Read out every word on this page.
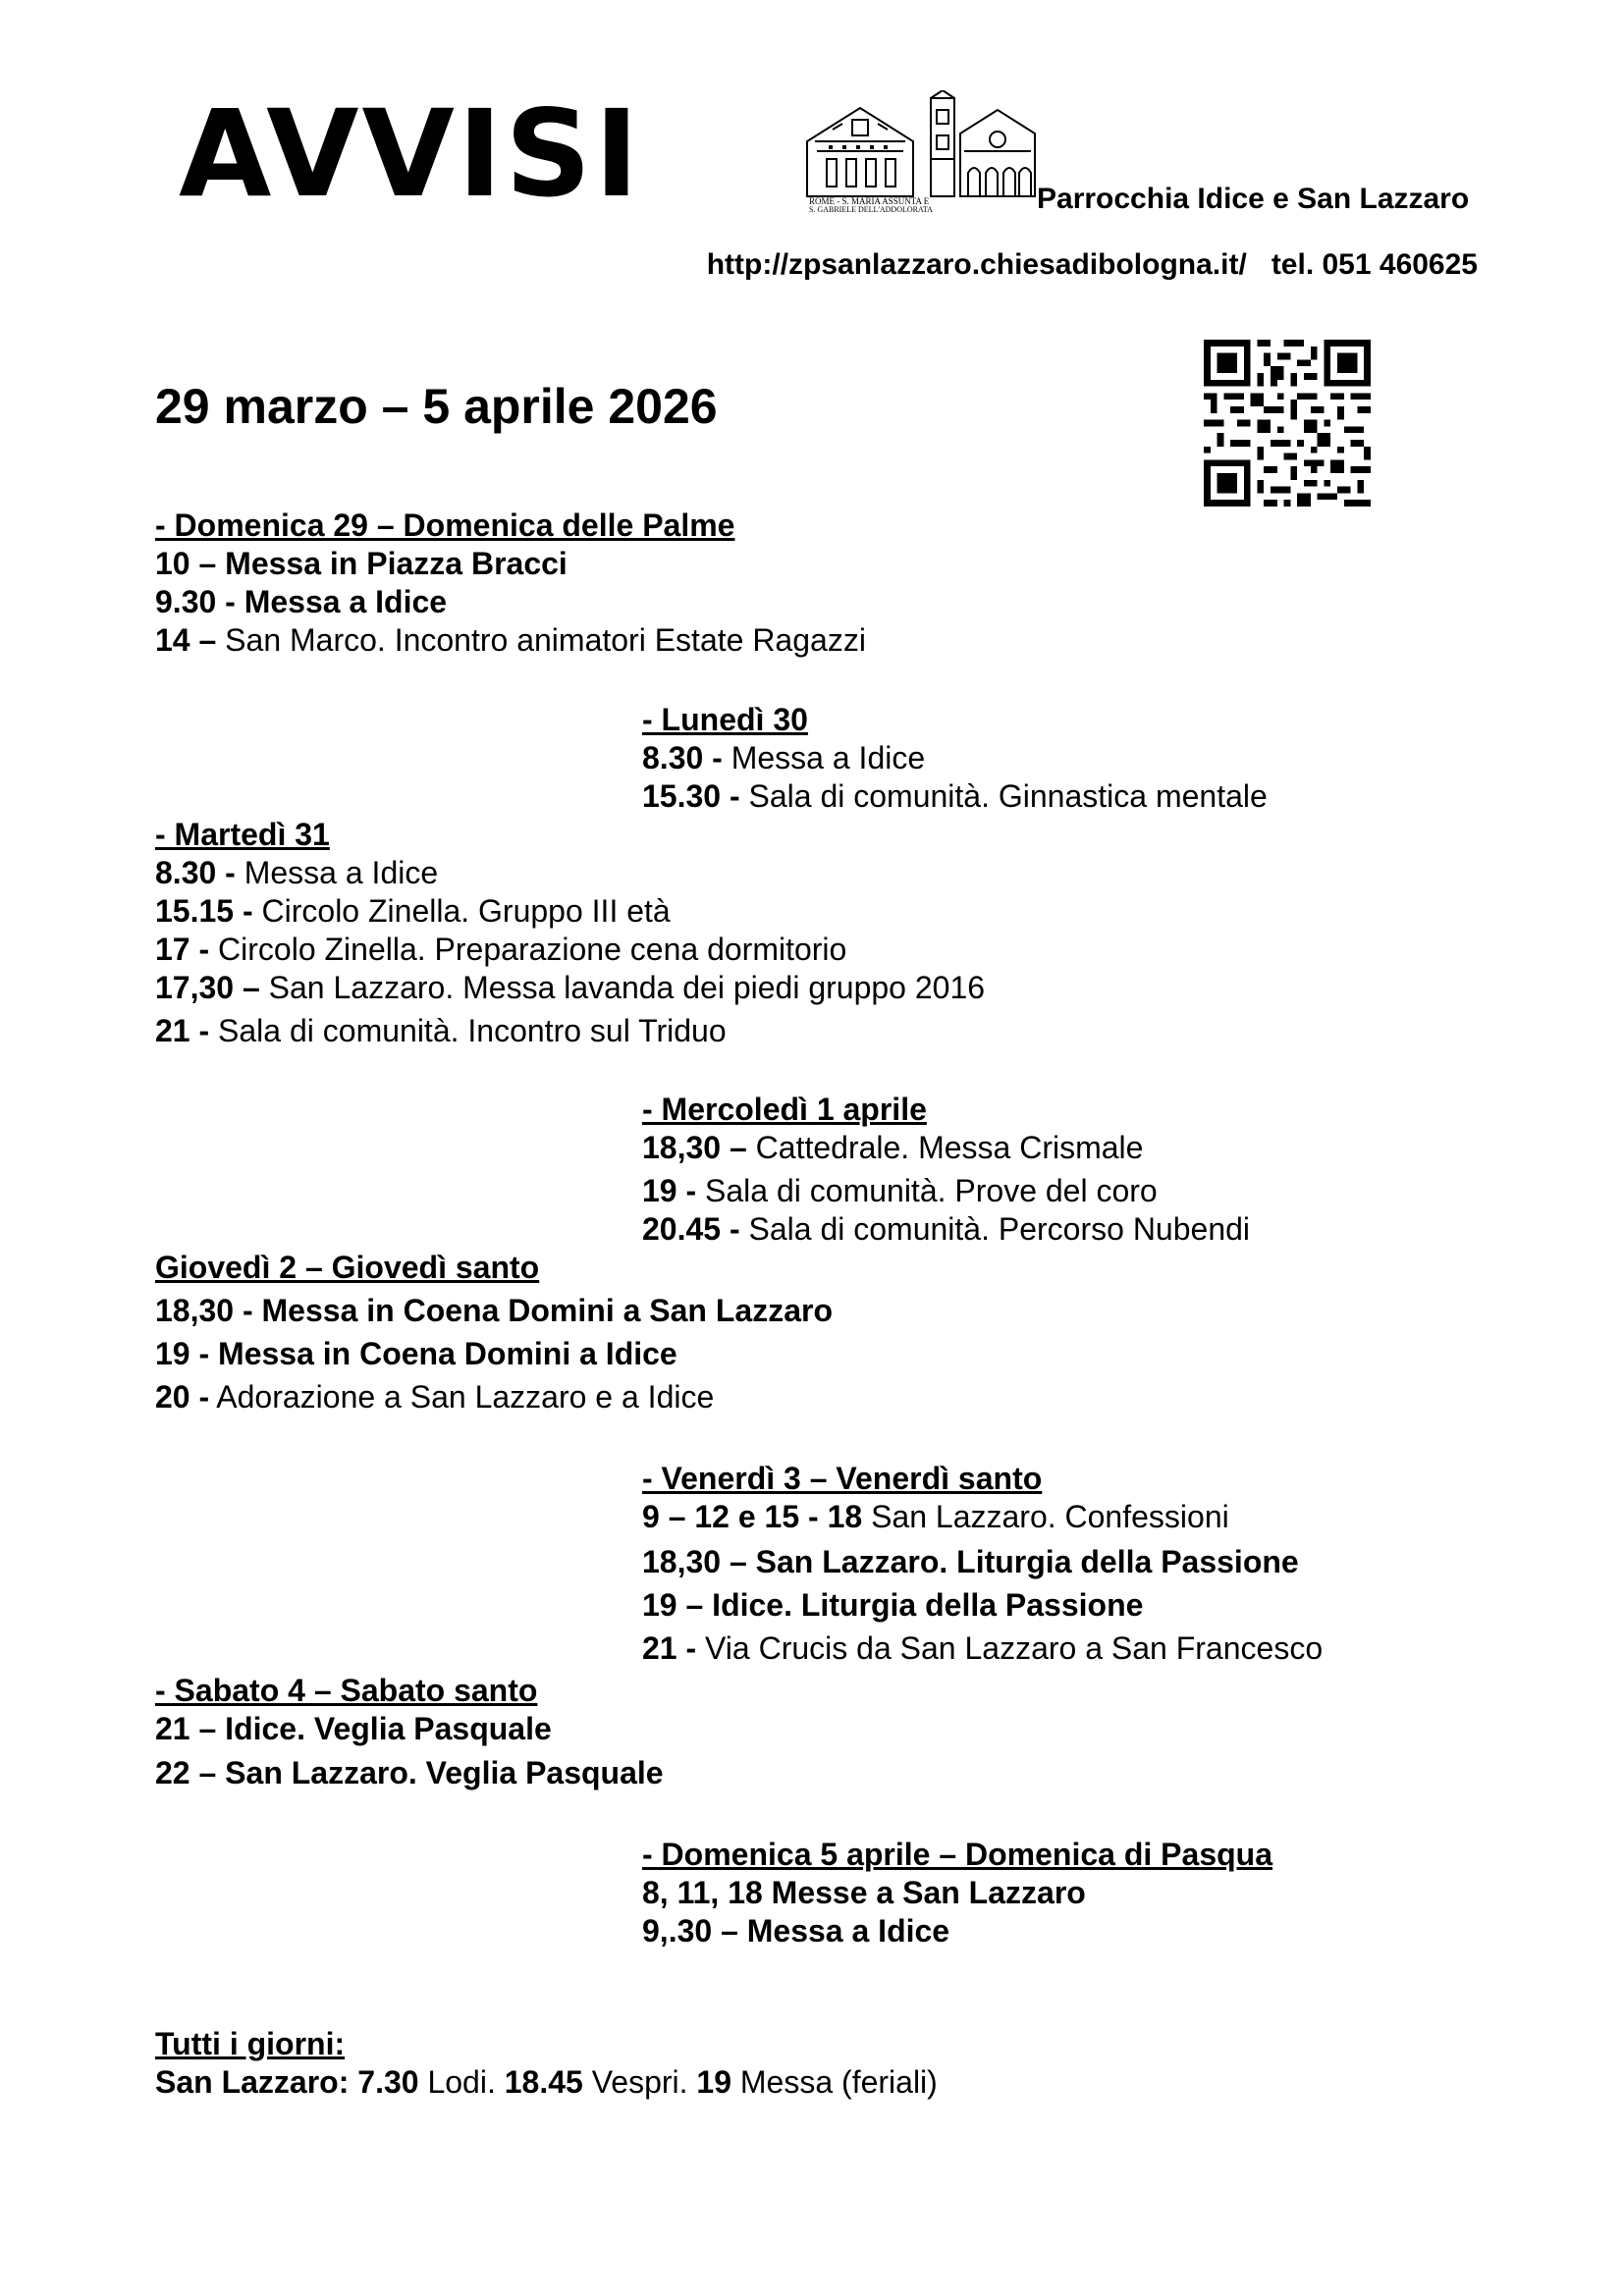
AVVISI	ROME - S. MARIA ASSUNTA E
S. GABRIELE DELL'ADDOLORATA	Parrocchia Idice e San Lazzaro
http://zpsanlazzaro.chiesadibologna.it/ tel. 051 460625
29 marzo – 5 aprile 2026
- Domenica 29 – Domenica delle Palme
10 – Messa in Piazza Bracci
9.30 - Messa a Idice
14 – San Marco. Incontro animatori Estate Ragazzi
- Lunedì 30
8.30 - Messa a Idice
15.30 - Sala di comunità. Ginnastica mentale
- Martedì 31
8.30 - Messa a Idice
15.15 - Circolo Zinella. Gruppo III età
17 - Circolo Zinella. Preparazione cena dormitorio
17,30 – San Lazzaro. Messa lavanda dei piedi gruppo 2016
21 - Sala di comunità. Incontro sul Triduo
- Mercoledì 1 aprile
18,30 – Cattedrale. Messa Crismale
19 - Sala di comunità. Prove del coro
20.45 - Sala di comunità. Percorso Nubendi
Giovedì 2 – Giovedì santo
18,30 - Messa in Coena Domini a San Lazzaro
19 - Messa in Coena Domini a Idice
20 - Adorazione a San Lazzaro e a Idice
- Venerdì 3 – Venerdì santo
9 – 12 e 15 - 18 San Lazzaro. Confessioni
18,30 – San Lazzaro. Liturgia della Passione
19 – Idice. Liturgia della Passione
21 - Via Crucis da San Lazzaro a San Francesco
- Sabato 4 – Sabato santo
21 – Idice. Veglia Pasquale
22 – San Lazzaro. Veglia Pasquale
- Domenica 5 aprile – Domenica di Pasqua
8, 11, 18 Messe a San Lazzaro
9,.30 – Messa a Idice
Tutti i giorni:
San Lazzaro: 7.30 Lodi. 18.45 Vespri. 19 Messa (feriali)
